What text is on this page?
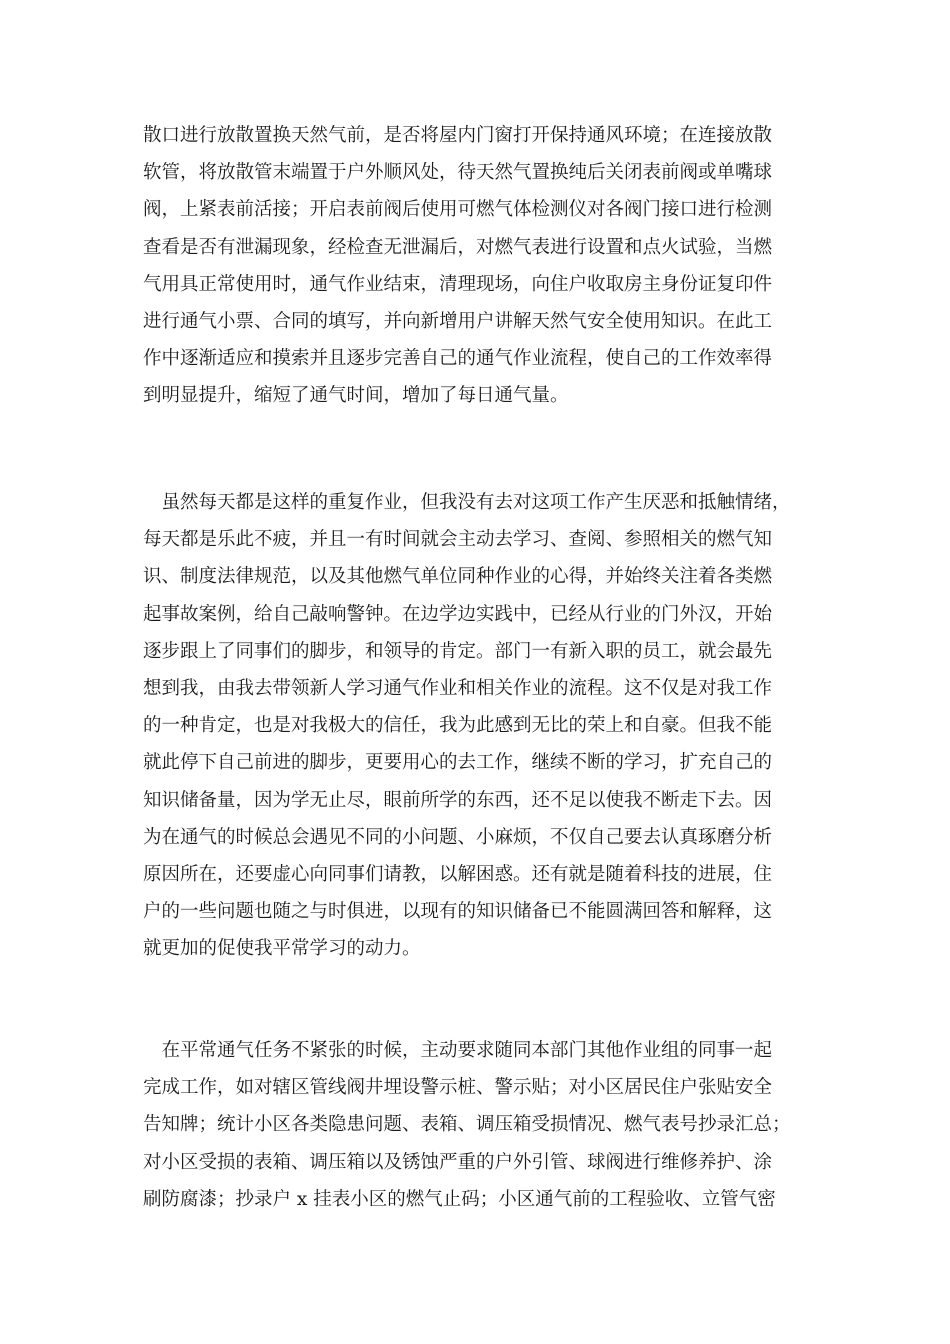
散口进行放散置换天然气前，是否将屋内门窗打开保持通风环境；在连接放散
软管，将放散管末端置于户外顺风处，待天然气置换纯后关闭表前阀或单嘴球
阀，上紧表前活接；开启表前阀后使用可燃气体检测仪对各阀门接口进行检测
查看是否有泄漏现象，经检查无泄漏后，对燃气表进行设置和点火试验，当燃
气用具正常使用时，通气作业结束，清理现场，向住户收取房主身份证复印件
进行通气小票、合同的填写，并向新增用户讲解天然气安全使用知识。在此工
作中逐渐适应和摸索并且逐步完善自己的通气作业流程，使自己的工作效率得
到明显提升，缩短了通气时间，增加了每日通气量。

　虽然每天都是这样的重复作业，但我没有去对这项工作产生厌恶和抵触情绪，
每天都是乐此不疲，并且一有时间就会主动去学习、查阅、参照相关的燃气知
识、制度法律规范，以及其他燃气单位同种作业的心得，并始终关注着各类燃
起事故案例，给自己敲响警钟。在边学边实践中，已经从行业的门外汉，开始
逐步跟上了同事们的脚步，和领导的肯定。部门一有新入职的员工，就会最先
想到我，由我去带领新人学习通气作业和相关作业的流程。这不仅是对我工作
的一种肯定，也是对我极大的信任，我为此感到无比的荣上和自豪。但我不能
就此停下自己前进的脚步，更要用心的去工作，继续不断的学习，扩充自己的
知识储备量，因为学无止尽，眼前所学的东西，还不足以使我不断走下去。因
为在通气的时候总会遇见不同的小问题、小麻烦，不仅自己要去认真琢磨分析
原因所在，还要虚心向同事们请教，以解困惑。还有就是随着科技的进展，住
户的一些问题也随之与时俱进，以现有的知识储备已不能圆满回答和解释，这
就更加的促使我平常学习的动力。

　在平常通气任务不紧张的时候，主动要求随同本部门其他作业组的同事一起
完成工作，如对辖区管线阀井埋设警示桩、警示贴；对小区居民住户张贴安全
告知牌；统计小区各类隐患问题、表箱、调压箱受损情况、燃气表号抄录汇总；
对小区受损的表箱、调压箱以及锈蚀严重的户外引管、球阀进行维修养护、涂
刷防腐漆；抄录户 x 挂表小区的燃气止码；小区通气前的工程验收、立管气密
